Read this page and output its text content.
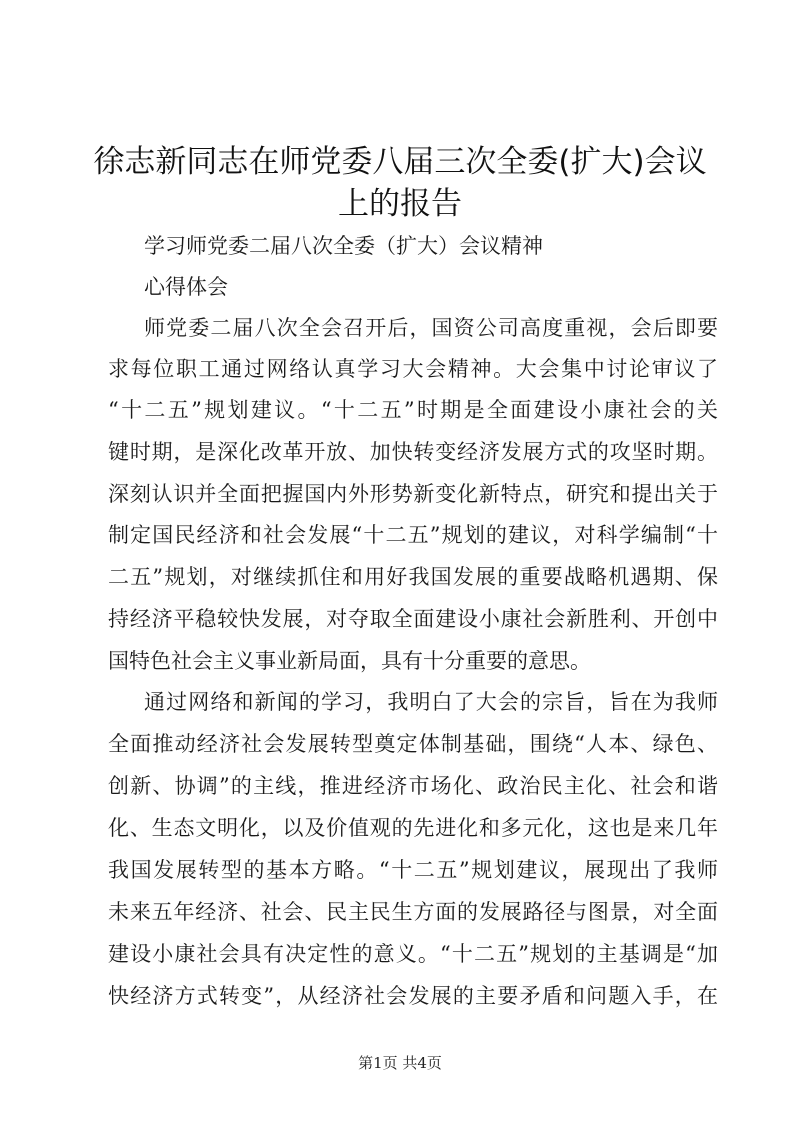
徐志新同志在师党委八届三次全委(扩大)会议
上的报告
学习师党委二届八次全委（扩大）会议精神
心得体会
师党委二届八次全会召开后，国资公司高度重视，会后即要
求每位职工通过网络认真学习大会精神。大会集中讨论审议了
“十二五”规划建议。“十二五”时期是全面建设小康社会的关
键时期，是深化改革开放、加快转变经济发展方式的攻坚时期。
深刻认识并全面把握国内外形势新变化新特点，研究和提出关于
制定国民经济和社会发展“十二五”规划的建议，对科学编制“十
二五”规划，对继续抓住和用好我国发展的重要战略机遇期、保
持经济平稳较快发展，对夺取全面建设小康社会新胜利、开创中
国特色社会主义事业新局面，具有十分重要的意思。
通过网络和新闻的学习，我明白了大会的宗旨，旨在为我师
全面推动经济社会发展转型奠定体制基础，围绕“人本、绿色、
创新、协调”的主线，推进经济市场化、政治民主化、社会和谐
化、生态文明化，以及价值观的先进化和多元化，这也是来几年
我国发展转型的基本方略。“十二五”规划建议，展现出了我师
未来五年经济、社会、民主民生方面的发展路径与图景，对全面
建设小康社会具有决定性的意义。“十二五”规划的主基调是“加
快经济方式转变”，从经济社会发展的主要矛盾和问题入手，在
第1页 共4页
